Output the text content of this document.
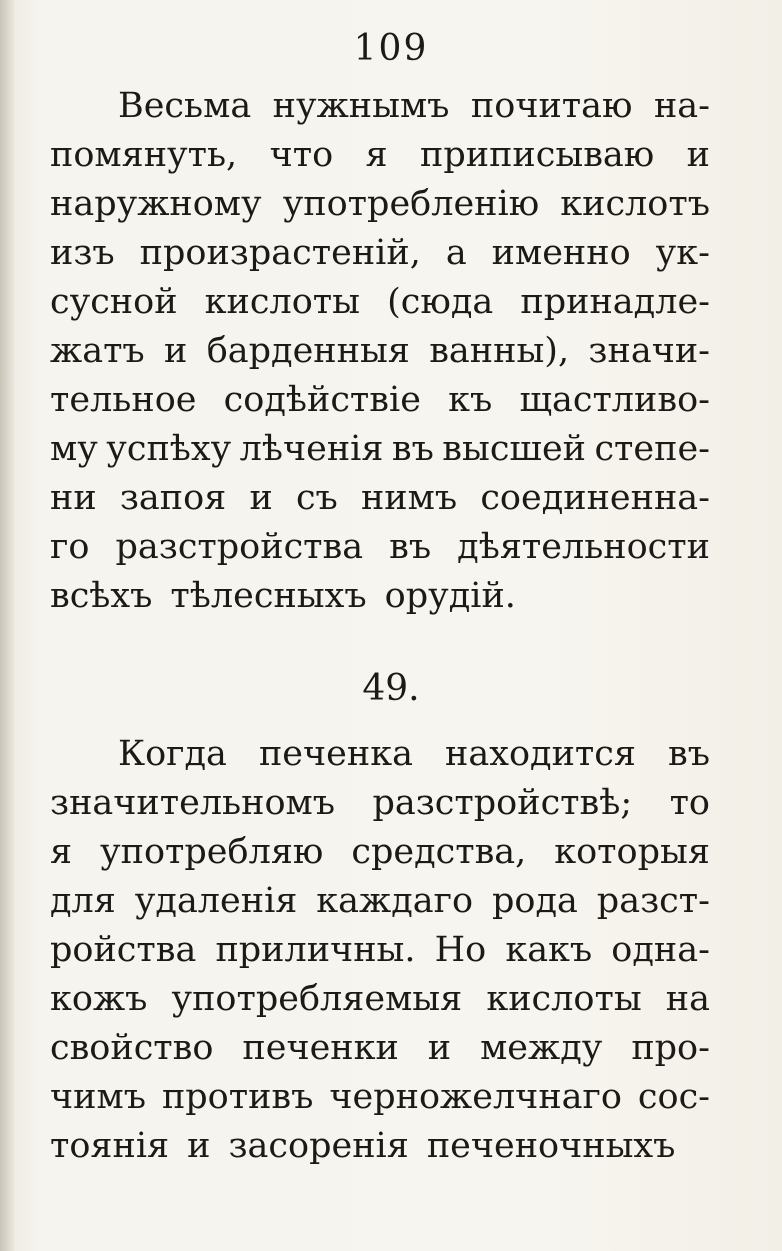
109
Весьма нужнымъ почитаю на-
помянуть, что я приписываю и
наружному употребленію кислотъ
изъ произрастеній, а именно ук-
сусной кислоты (сюда принадле-
жатъ и барденныя ванны), значи-
тельное содѣйствіе къ щастливо-
му успѣху лѣченія въ высшей степе-
ни запоя и съ нимъ соединенна-
го разстройства въ дѣятельности
всѣхъ тѣлесныхъ орудій.
49.
Когда печенка находится въ
значительномъ разстройствѣ; то
я употребляю средства, которыя
для удаленія каждаго рода разст-
ройства приличны. Но какъ одна-
кожъ употребляемыя кислоты на
свойство печенки и между про-
чимъ противъ черножелчнаго сос-
тоянія и засоренія печеночныхъ
